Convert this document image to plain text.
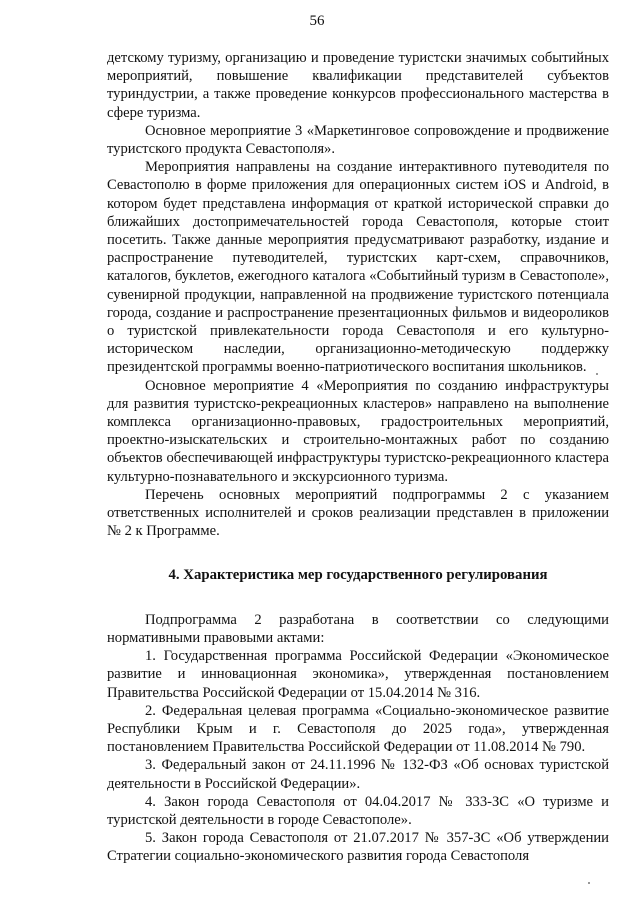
56

детскому туризму, организацию и проведение туристски значимых событийных мероприятий, повышение квалификации представителей субъектов туриндустрии, а также проведение конкурсов профессионального мастерства в сфере туризма.

Основное мероприятие 3 «Маркетинговое сопровождение и продвижение туристского продукта Севастополя».

Мероприятия направлены на создание интерактивного путеводителя по Севастополю в форме приложения для операционных систем iOS и Android, в котором будет представлена информация от краткой исторической справки до ближайших достопримечательностей города Севастополя, которые стоит посетить. Также данные мероприятия предусматривают разработку, издание и распространение путеводителей, туристских карт-схем, справочников, каталогов, буклетов, ежегодного каталога «Событийный туризм в Севастополе», сувенирной продукции, направленной на продвижение туристского потенциала города, создание и распространение презентационных фильмов и видеороликов о туристской привлекательности города Севастополя и его культурно-историческом наследии, организационно-методическую поддержку президентской программы военно-патриотического воспитания школьников.

Основное мероприятие 4 «Мероприятия по созданию инфраструктуры для развития туристско-рекреационных кластеров» направлено на выполнение комплекса организационно-правовых, градостроительных мероприятий, проектно-изыскательских и строительно-монтажных работ по созданию объектов обеспечивающей инфраструктуры туристско-рекреационного кластера культурно-познавательного и экскурсионного туризма.

Перечень основных мероприятий подпрограммы 2 с указанием ответственных исполнителей и сроков реализации представлен в приложении № 2 к Программе.

4. Характеристика мер государственного регулирования

Подпрограмма 2 разработана в соответствии со следующими нормативными правовыми актами:

1. Государственная программа Российской Федерации «Экономическое развитие и инновационная экономика», утвержденная постановлением Правительства Российской Федерации от 15.04.2014 № 316.

2. Федеральная целевая программа «Социально-экономическое развитие Республики Крым и г. Севастополя до 2025 года», утвержденная постановлением Правительства Российской Федерации от 11.08.2014 № 790.

3. Федеральный закон от 24.11.1996 № 132-ФЗ «Об основах туристской деятельности в Российской Федерации».

4. Закон города Севастополя от 04.04.2017 № 333-ЗС «О туризме и туристской деятельности в городе Севастополе».

5. Закон города Севастополя от 21.07.2017 № 357-ЗС «Об утверждении Стратегии социально-экономического развития города Севастополя
